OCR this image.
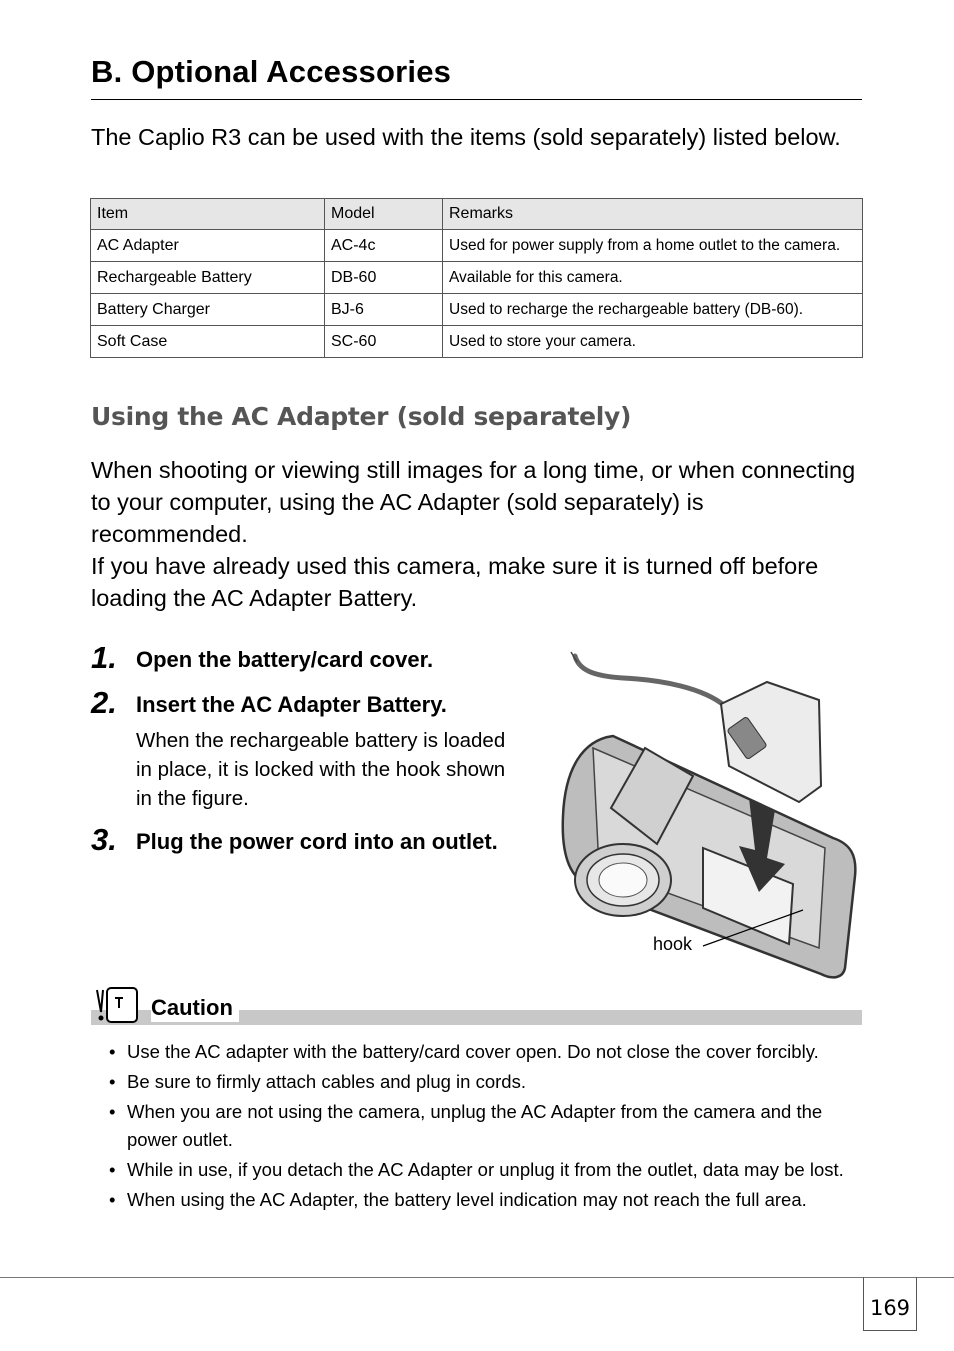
B. Optional Accessories

The Caplio R3 can be used with the items (sold separately) listed below.

Item	Model	Remarks
AC Adapter	AC-4c	Used for power supply from a home outlet to the camera.
Rechargeable Battery	DB-60	Available for this camera.
Battery Charger	BJ-6	Used to recharge the rechargeable battery (DB-60).
Soft Case	SC-60	Used to store your camera.
Using the AC Adapter (sold separately)

When shooting or viewing still images for a long time, or when connecting to your computer, using the AC Adapter (sold separately) is recommended.

If you have already used this camera, make sure it is turned off before loading the AC Adapter Battery.

1. Open the battery/card cover.

2. Insert the AC Adapter Battery.

When the rechargeable battery is loaded in place, it is locked with the hook shown in the figure.

3. Plug the power cord into an outlet.

hook
Caution
• Use the AC adapter with the battery/card cover open. Do not close the cover forcibly.
• Be sure to firmly attach cables and plug in cords.
• When you are not using the camera, unplug the AC Adapter from the camera and the power outlet.
• While in use, if you detach the AC Adapter or unplug it from the outlet, data may be lost.
• When using the AC Adapter, the battery level indication may not reach the full area.
169
